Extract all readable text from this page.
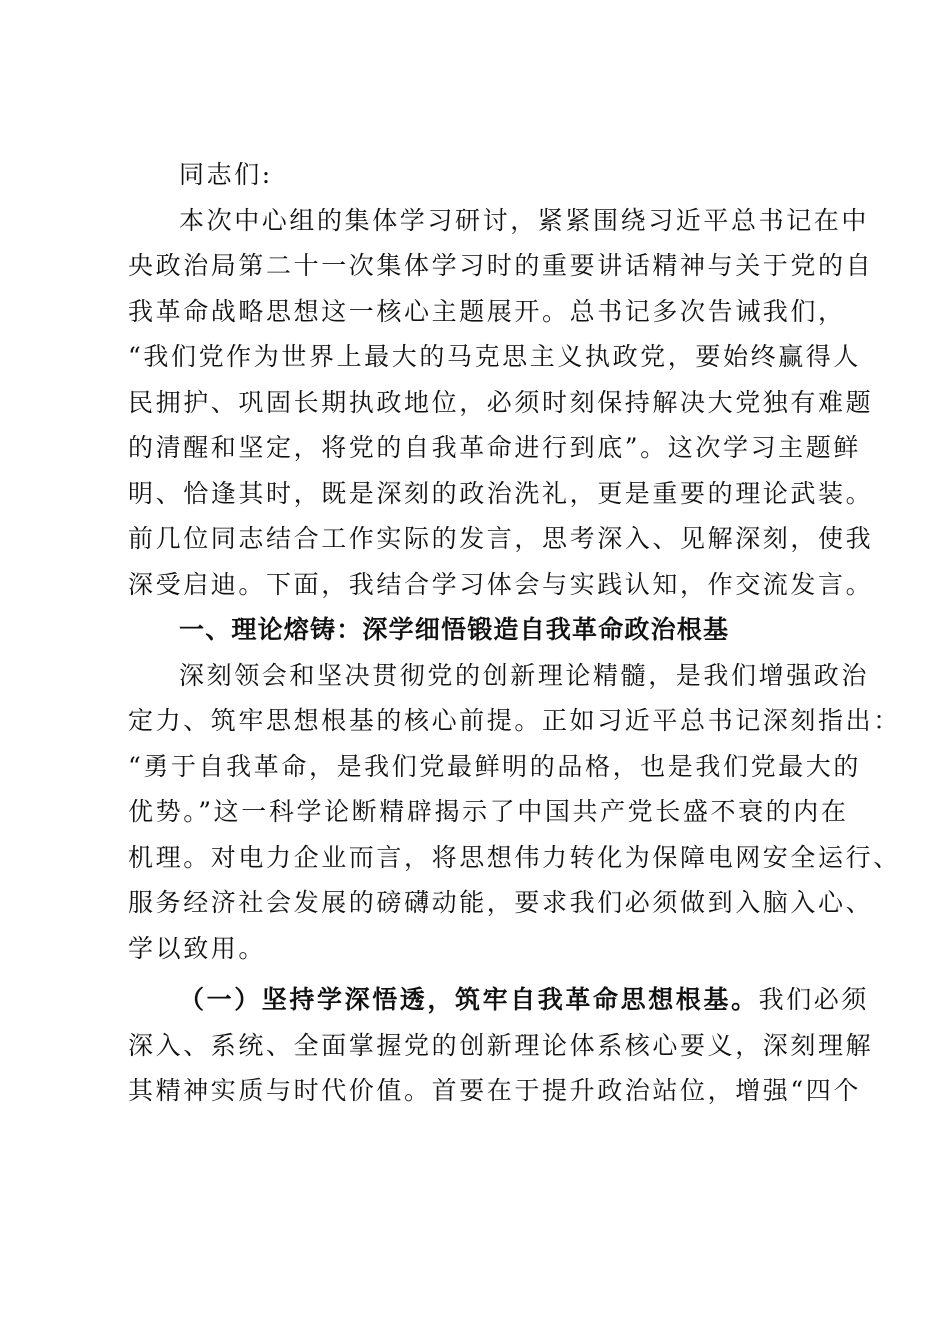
同志们:
本次中心组的集体学习研讨，紧紧围绕习近平总书记在中
央政治局第二十一次集体学习时的重要讲话精神与关于党的自
我革命战略思想这一核心主题展开。总书记多次告诫我们，
“我们党作为世界上最大的马克思主义执政党，要始终赢得人
民拥护、巩固长期执政地位，必须时刻保持解决大党独有难题
的清醒和坚定，将党的自我革命进行到底”。这次学习主题鲜
明、恰逢其时，既是深刻的政治洗礼，更是重要的理论武装。
前几位同志结合工作实际的发言，思考深入、见解深刻，使我
深受启迪。下面，我结合学习体会与实践认知，作交流发言。
一、理论熔铸：深学细悟锻造自我革命政治根基
深刻领会和坚决贯彻党的创新理论精髓，是我们增强政治
定力、筑牢思想根基的核心前提。正如习近平总书记深刻指出：
“勇于自我革命，是我们党最鲜明的品格，也是我们党最大的
优势。”这一科学论断精辟揭示了中国共产党长盛不衰的内在
机理。对电力企业而言，将思想伟力转化为保障电网安全运行、
服务经济社会发展的磅礴动能，要求我们必须做到入脑入心、
学以致用。
（一）坚持学深悟透，筑牢自我革命思想根基。我们必须
深入、系统、全面掌握党的创新理论体系核心要义，深刻理解
其精神实质与时代价值。首要在于提升政治站位，增强“四个
